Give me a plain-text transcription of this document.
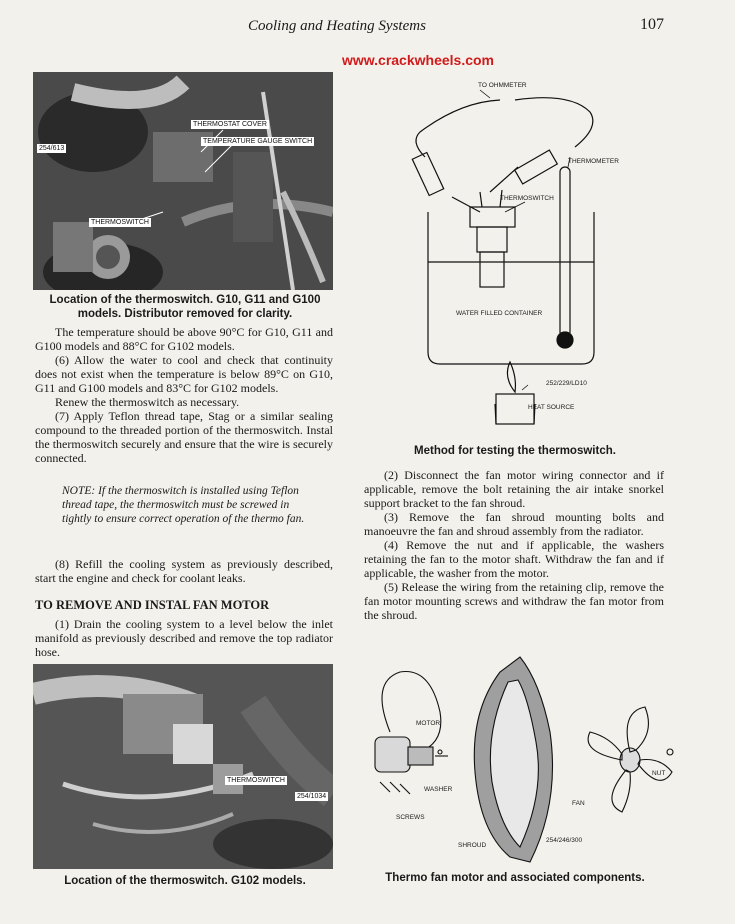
Cooling and Heating Systems	107
www.crackwheels.com
THERMOSTAT COVER
TEMPERATURE GAUGE SWITCH
254/613
THERMOSWITCH
Location of the thermoswitch. G10, G11 and G100
models. Distributor removed for clarity.

The temperature should be above 90°C for G10, G11 and G100 models and 88°C for G102 models.

(6) Allow the water to cool and check that continuity does not exist when the temperature is below 89°C on G10, G11 and G100 models and 83°C for G102 models.

Renew the thermoswitch as necessary.

(7) Apply Teflon thread tape, Stag or a similar sealing compound to the threaded portion of the thermoswitch. Instal the thermoswitch securely and ensure that the wire is securely connected.

NOTE: If the thermoswitch is installed using Teflon thread tape, the thermoswitch must be screwed in tightly to ensure correct operation of the thermo fan.

(8) Refill the cooling system as previously described, start the engine and check for coolant leaks.

TO REMOVE AND INSTAL FAN MOTOR

(1) Drain the cooling system to a level below the inlet manifold as previously described and remove the top radiator hose.

THERMOSWITCH
254/1034
Location of the thermoswitch. G102 models.
TO OHMMETER
THERMOMETER
THERMOSWITCH
WATER FILLED CONTAINER
252/229/LD10
HEAT SOURCE
Method for testing the thermoswitch.

(2) Disconnect the fan motor wiring connector and if applicable, remove the bolt retaining the air intake snorkel support bracket to the fan shroud.

(3) Remove the fan shroud mounting bolts and manoeuvre the fan and shroud assembly from the radiator.

(4) Remove the nut and if applicable, the washers retaining the fan to the motor shaft. Withdraw the fan and if applicable, the washer from the motor.

(5) Release the wiring from the retaining clip, remove the fan motor mounting screws and withdraw the fan motor from the shroud.

MOTOR
WASHER
SCREWS
SHROUD
FAN
NUT
254/246/300
Thermo fan motor and associated components.
